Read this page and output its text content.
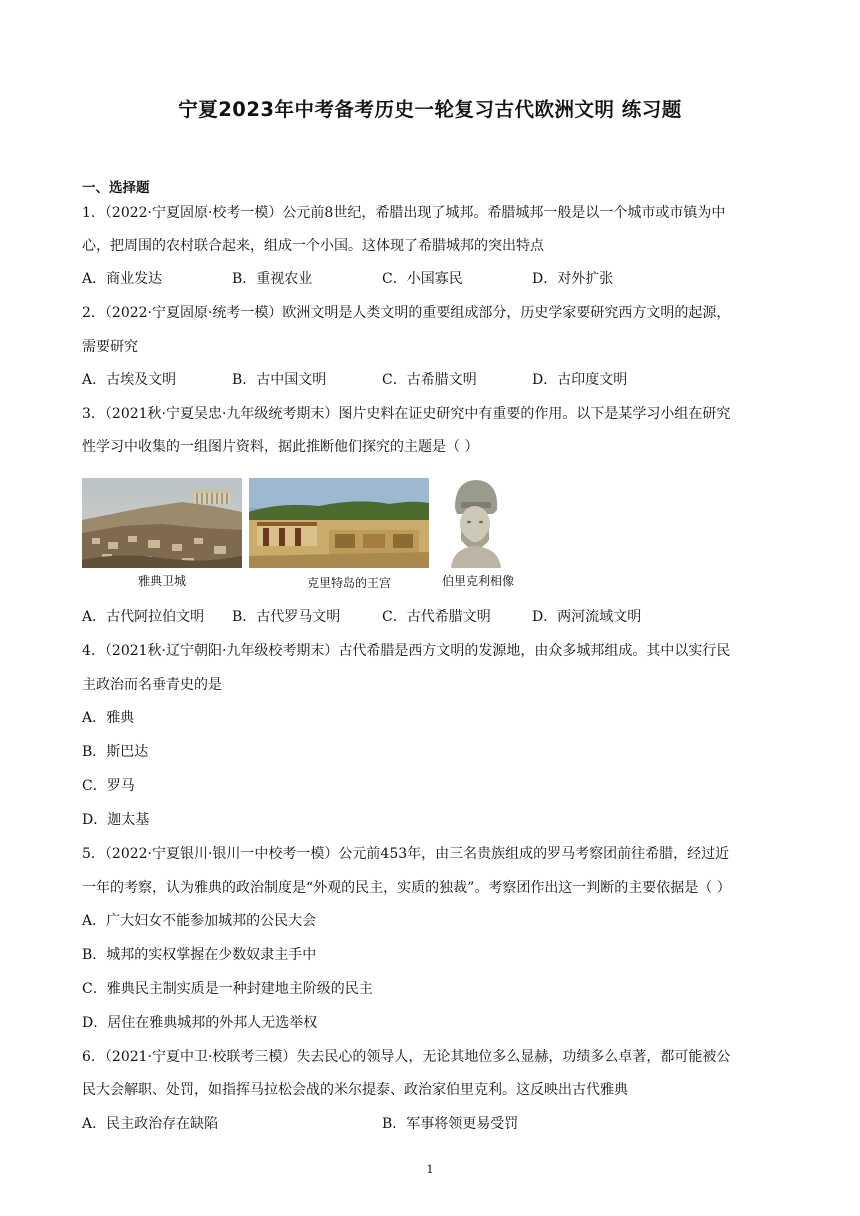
宁夏2023年中考备考历史一轮复习古代欧洲文明 练习题
一、选择题
1．（2022·宁夏固原·校考一模）公元前8世纪，希腊出现了城邦。希腊城邦一般是以一个城市或市镇为中
心，把周围的农村联合起来，组成一个小国。这体现了希腊城邦的突出特点
A．商业发达	B．重视农业	C．小国寡民	D．对外扩张
2．（2022·宁夏固原·统考一模）欧洲文明是人类文明的重要组成部分，历史学家要研究西方文明的起源，
需要研究
A．古埃及文明	B．古中国文明	C．古希腊文明	D．古印度文明
3．（2021秋·宁夏吴忠·九年级统考期末）图片史料在证史研究中有重要的作用。以下是某学习小组在研究
性学习中收集的一组图片资料，据此推断他们探究的主题是（ ）
雅典卫城	克里特岛的王宫	伯里克利相像
A．古代阿拉伯文明 B．古代罗马文明	C．古代希腊文明	D．两河流域文明
4．（2021秋·辽宁朝阳·九年级校考期末）古代希腊是西方文明的发源地，由众多城邦组成。其中以实行民
主政治而名垂青史的是
A．雅典
B．斯巴达
C．罗马
D．迦太基
5．（2022·宁夏银川·银川一中校考一模）公元前453年，由三名贵族组成的罗马考察团前往希腊，经过近
一年的考察，认为雅典的政治制度是“外观的民主，实质的独裁”。考察团作出这一判断的主要依据是（ ）
A．广大妇女不能参加城邦的公民大会
B．城邦的实权掌握在少数奴隶主手中
C．雅典民主制实质是一种封建地主阶级的民主
D．居住在雅典城邦的外邦人无选举权
6．（2021·宁夏中卫·校联考三模）失去民心的领导人，无论其地位多么显赫，功绩多么卓著，都可能被公
民大会解职、处罚，如指挥马拉松会战的米尔提泰、政治家伯里克利。这反映出古代雅典
A．民主政治存在缺陷	B．军事将领更易受罚
1
